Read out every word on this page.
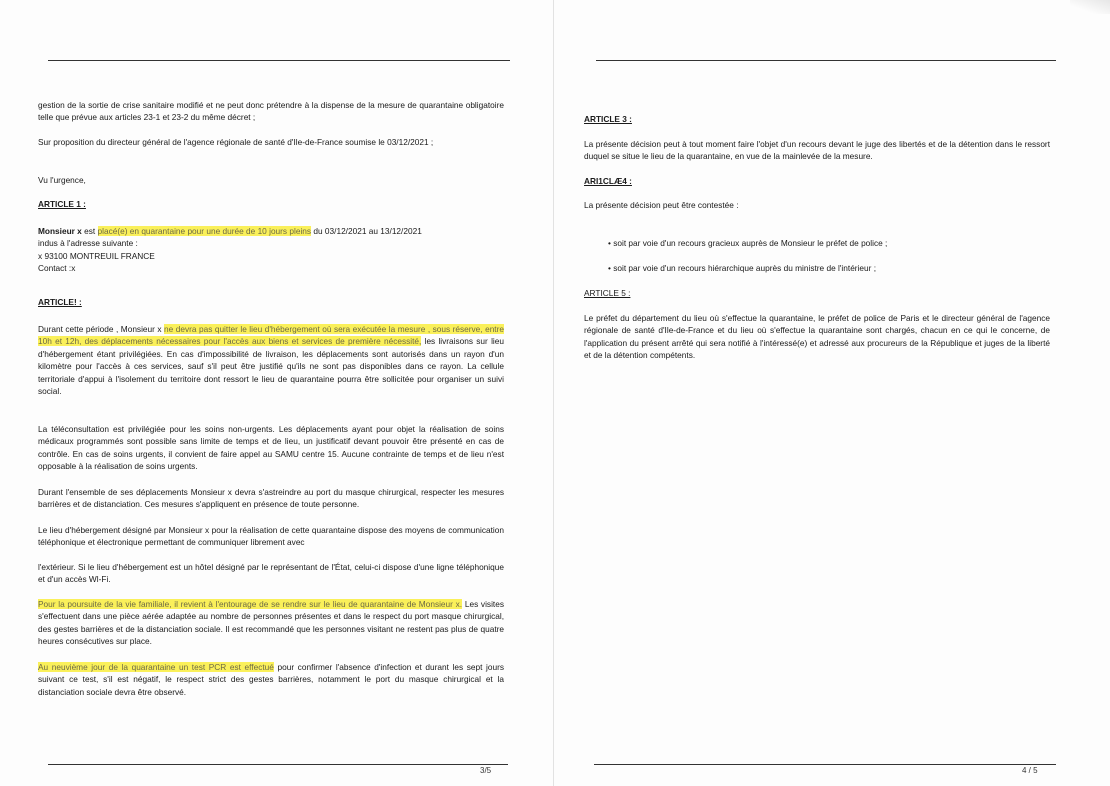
gestion de la sortie de crise sanitaire modifié et ne peut donc prétendre à la dispense de la mesure de quarantaine obligatoire telle que prévue aux articles 23-1 et 23-2 du même décret ;

Sur proposition du directeur général de l'agence régionale de santé d'Ile-de-France soumise le 03/12/2021 ;

Vu l'urgence,

ARTICLE 1 :

Monsieur x est placé(e) en quarantaine pour une durée de 10 jours pleins du 03/12/2021 au 13/12/2021
indus à l'adresse suivante :
x 93100 MONTREUIL FRANCE
Contact :x

ARTICLE! :

Durant cette période , Monsieur x ne devra pas quitter le lieu d'hébergement où sera exécutée la mesure , sous réserve, entre 10h et 12h, des déplacements nécessaires pour l'accès aux biens et services de première nécessité, les livraisons sur lieu d'hébergement étant privilégiées. En cas d'impossibilité de livraison, les déplacements sont autorisés dans un rayon d'un kilomètre pour l'accès à ces services, sauf s'il peut être justifié qu'ils ne sont pas disponibles dans ce rayon. La cellule territoriale d'appui à l'isolement du territoire dont ressort le lieu de quarantaine pourra être sollicitée pour organiser un suivi social.

La téléconsultation est privilégiée pour les soins non-urgents. Les déplacements ayant pour objet la réalisation de soins médicaux programmés sont possible sans limite de temps et de lieu, un justificatif devant pouvoir être présenté en cas de contrôle. En cas de soins urgents, il convient de faire appel au SAMU centre 15. Aucune contrainte de temps et de lieu n'est opposable à la réalisation de soins urgents.

Durant l'ensemble de ses déplacements Monsieur x devra s'astreindre au port du masque chirurgical, respecter les mesures barrières et de distanciation. Ces mesures s'appliquent en présence de toute personne.

Le lieu d'hébergement désigné par Monsieur x pour la réalisation de cette quarantaine dispose des moyens de communication téléphonique et électronique permettant de communiquer librement avec

l'extérieur. Si le lieu d'hébergement est un hôtel désigné par le représentant de l'État, celui-ci dispose d'une ligne téléphonique et d'un accès Wl-Fi.

Pour la poursuite de la vie familiale, il revient à l'entourage de se rendre sur le lieu de quarantaine de Monsieur x. Les visites s'effectuent dans une pièce aérée adaptée au nombre de personnes présentes et dans le respect du port masque chirurgical, des gestes barrières et de la distanciation sociale. Il est recommandé que les personnes visitant ne restent pas plus de quatre heures consécutives sur place.

Au neuvième jour de la quarantaine un test PCR est effectué pour confirmer l'absence d'infection et durant les sept jours suivant ce test, s'il est négatif, le respect strict des gestes barrières, notamment le port du masque chirurgical et la distanciation sociale devra être observé.

3/5

ARTICLE 3 :

La présente décision peut à tout moment faire l'objet d'un recours devant le juge des libertés et de la détention dans le ressort duquel se situe le lieu de la quarantaine, en vue de la mainlevée de la mesure.

ARI1CLÆ4 :

La présente décision peut être contestée :

• soit par voie d'un recours gracieux auprès de Monsieur le préfet de police ;

• soit par voie d'un recours hiérarchique auprès du ministre de l'intérieur ;

ARTICLE 5 :

Le préfet du département du lieu où s'effectue la quarantaine, le préfet de police de Paris et le directeur général de l'agence régionale de santé d'Ile-de-France et du lieu où s'effectue la quarantaine sont chargés, chacun en ce qui le concerne, de l'application du présent arrêté qui sera notifié à l'intéressé(e) et adressé aux procureurs de la République et juges de la liberté et de la détention compétents.

4 / 5
